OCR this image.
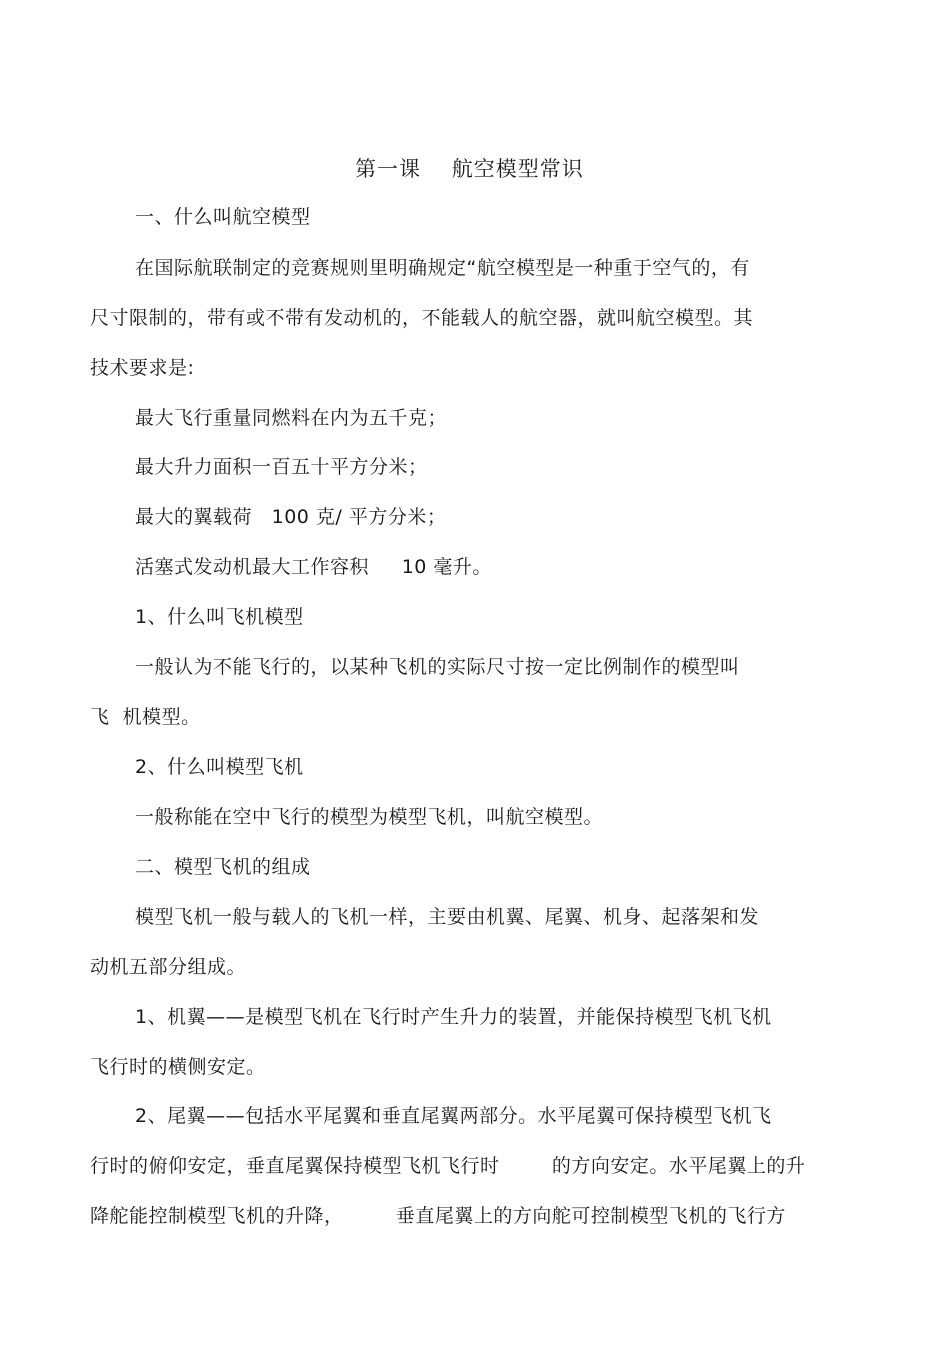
第一课    航空模型常识
一、什么叫航空模型
在国际航联制定的竞赛规则里明确规定“航空模型是一种重于空气的，有
尺寸限制的，带有或不带有发动机的，不能载人的航空器，就叫航空模型。其
技术要求是:
最大飞行重量同燃料在内为五千克；
最大升力面积一百五十平方分米；
最大的翼载荷   100 克/ 平方分米；
活塞式发动机最大工作容积     10 毫升。
1、什么叫飞机模型
一般认为不能飞行的，以某种飞机的实际尺寸按一定比例制作的模型叫
飞  机模型。
2、什么叫模型飞机
一般称能在空中飞行的模型为模型飞机，叫航空模型。
二、模型飞机的组成
模型飞机一般与载人的飞机一样，主要由机翼、尾翼、机身、起落架和发
动机五部分组成。
1、机翼——是模型飞机在飞行时产生升力的装置，并能保持模型飞机飞机
飞行时的横侧安定。
2、尾翼——包括水平尾翼和垂直尾翼两部分。水平尾翼可保持模型飞机飞
行时的俯仰安定，垂直尾翼保持模型飞机飞行时        的方向安定。水平尾翼上的升
降舵能控制模型飞机的升降，        垂直尾翼上的方向舵可控制模型飞机的飞行方
